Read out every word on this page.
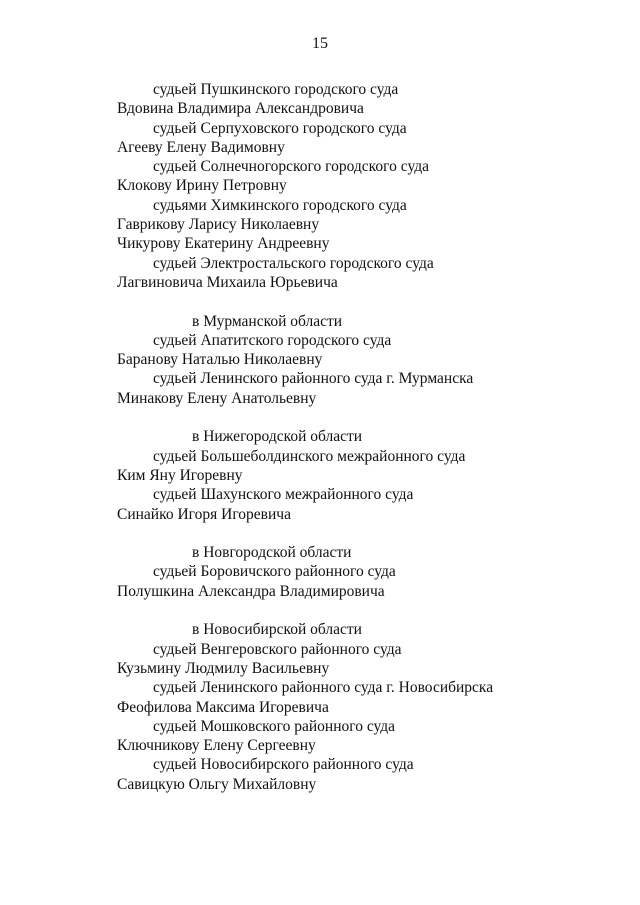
15
судьей Пушкинского городского суда
Вдовина Владимира Александровича
судьей Серпуховского городского суда
Агееву Елену Вадимовну
судьей Солнечногорского городского суда
Клокову Ирину Петровну
судьями Химкинского городского суда
Гаврикову Ларису Николаевну
Чикурову Екатерину Андреевну
судьей Электростальского городского суда
Лагвиновича Михаила Юрьевича
в Мурманской области
судьей Апатитского городского суда
Баранову Наталью Николаевну
судьей Ленинского районного суда г. Мурманска
Минакову Елену Анатольевну
в Нижегородской области
судьей Большеболдинского межрайонного суда
Ким Яну Игоревну
судьей Шахунского межрайонного суда
Синайко Игоря Игоревича
в Новгородской области
судьей Боровичского районного суда
Полушкина Александра Владимировича
в Новосибирской области
судьей Венгеровского районного суда
Кузьмину Людмилу Васильевну
судьей Ленинского районного суда г. Новосибирска
Феофилова Максима Игоревича
судьей Мошковского районного суда
Ключникову Елену Сергеевну
судьей Новосибирского районного суда
Савицкую Ольгу Михайловну
